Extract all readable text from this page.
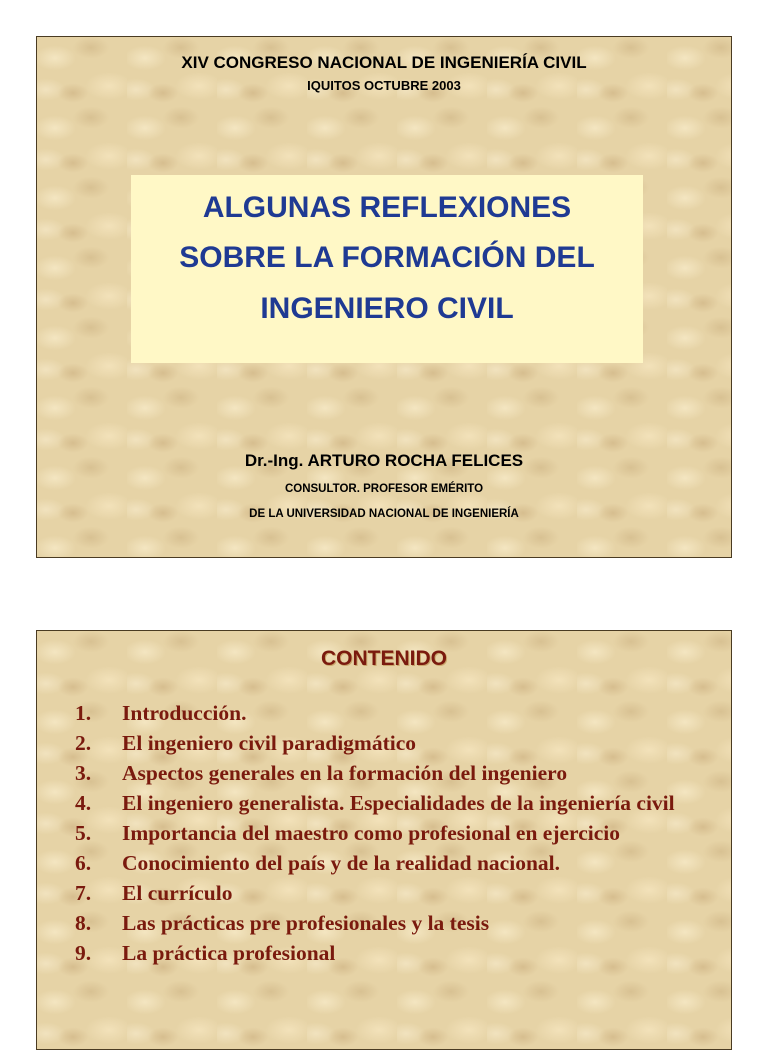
XIV CONGRESO NACIONAL DE INGENIERÍA CIVIL
IQUITOS OCTUBRE 2003
ALGUNAS REFLEXIONES
SOBRE LA FORMACIÓN DEL
INGENIERO CIVIL
Dr.-Ing. ARTURO ROCHA FELICES
CONSULTOR. PROFESOR EMÉRITO
DE LA UNIVERSIDAD NACIONAL DE INGENIERÍA
CONTENIDO
1. Introducción.
2. El ingeniero civil paradigmático
3. Aspectos generales en la formación del ingeniero
4. El ingeniero generalista. Especialidades de la ingeniería civil
5. Importancia del maestro como profesional en ejercicio
6. Conocimiento del país y de la realidad nacional.
7. El currículo
8. Las prácticas pre profesionales y la tesis
9. La práctica profesional
